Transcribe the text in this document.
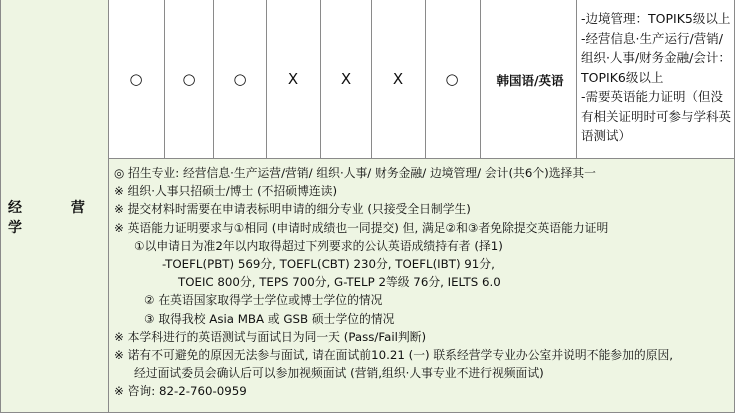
经 营 学
○	○	○	X	X	X	○	韩国语/英语
-边境管理：TOPIK5级以上
-经营信息·生产运行/营销/组织·人事/财务金融/会计：TOPIK6级以上
-需要英语能力证明（但没有相关证明时可参与学科英语测试）
◎ 招生专业: 经营信息·生产运营/营销/ 组织·人事/ 财务金融/ 边境管理/ 会计(共6个)选择其一
※ 组织·人事只招硕士/博士 (不招硕博连读)
※ 提交材料时需要在申请表标明申请的细分专业 (只接受全日制学生)
※ 英语能力证明要求与①相同 (申请时成绩也一同提交) 但, 满足②和③者免除提交英语能力证明
①以申请日为准2年以内取得超过下列要求的公认英语成绩持有者 (择1)
-TOEFL(PBT) 569分, TOEFL(CBT) 230分, TOEFL(IBT) 91分,
TOEIC 800分, TEPS 700分, G-TELP 2等级 76分, IELTS 6.0
② 在英语国家取得学士学位或博士学位的情况
③ 取得我校 Asia MBA 或 GSB 硕士学位的情况
※ 本学科进行的英语测试与面试日为同一天 (Pass/Fail判断)
※ 诺有不可避免的原因无法参与面试, 请在面试前10.21 (一) 联系经营学专业办公室并说明不能参加的原因,
经过面试委员会确认后可以参加视频面试 (营销,组织·人事专业不进行视频面试)
※ 咨询: 82-2-760-0959
